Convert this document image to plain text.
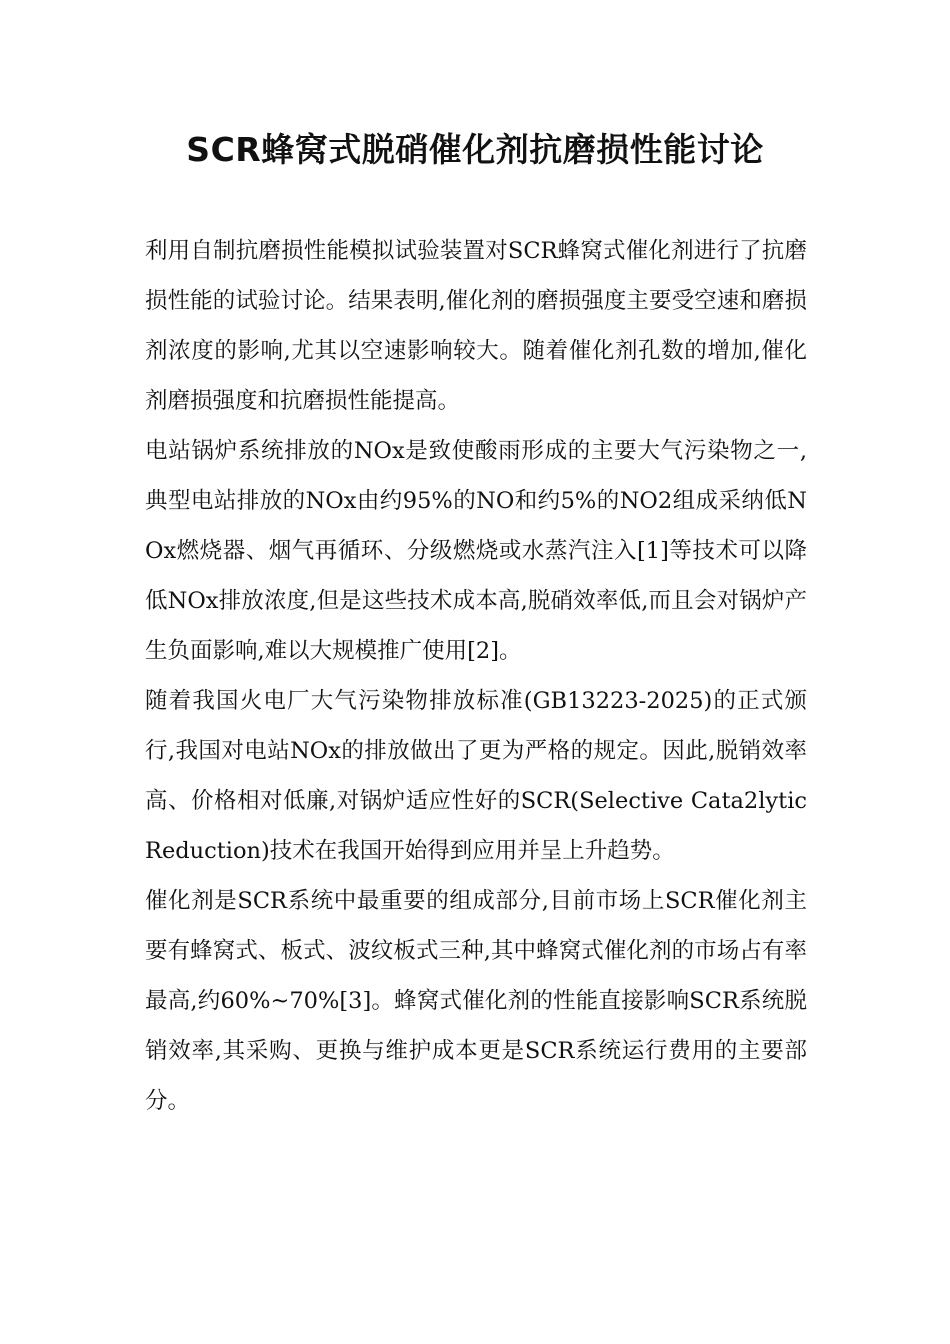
SCR蜂窝式脱硝催化剂抗磨损性能讨论

利用自制抗磨损性能模拟试验装置对SCR蜂窝式催化剂进行了抗磨损性能的试验讨论。结果表明,催化剂的磨损强度主要受空速和磨损剂浓度的影响,尤其以空速影响较大。随着催化剂孔数的增加,催化剂磨损强度和抗磨损性能提高。

电站锅炉系统排放的NOx是致使酸雨形成的主要大气污染物之一,典型电站排放的NOx由约95%的NO和约5%的NO2组成采纳低NOx燃烧器、烟气再循环、分级燃烧或水蒸汽注入[1]等技术可以降低NOx排放浓度,但是这些技术成本高,脱硝效率低,而且会对锅炉产生负面影响,难以大规模推广使用[2]。

随着我国火电厂大气污染物排放标准(GB13223-2025)的正式颁行,我国对电站NOx的排放做出了更为严格的规定。因此,脱销效率高、价格相对低廉,对锅炉适应性好的SCR(Selective Cata2lytic Reduction)技术在我国开始得到应用并呈上升趋势。

催化剂是SCR系统中最重要的组成部分,目前市场上SCR催化剂主要有蜂窝式、板式、波纹板式三种,其中蜂窝式催化剂的市场占有率最高,约60%~70%[3]。蜂窝式催化剂的性能直接影响SCR系统脱销效率,其采购、更换与维护成本更是SCR系统运行费用的主要部分。
